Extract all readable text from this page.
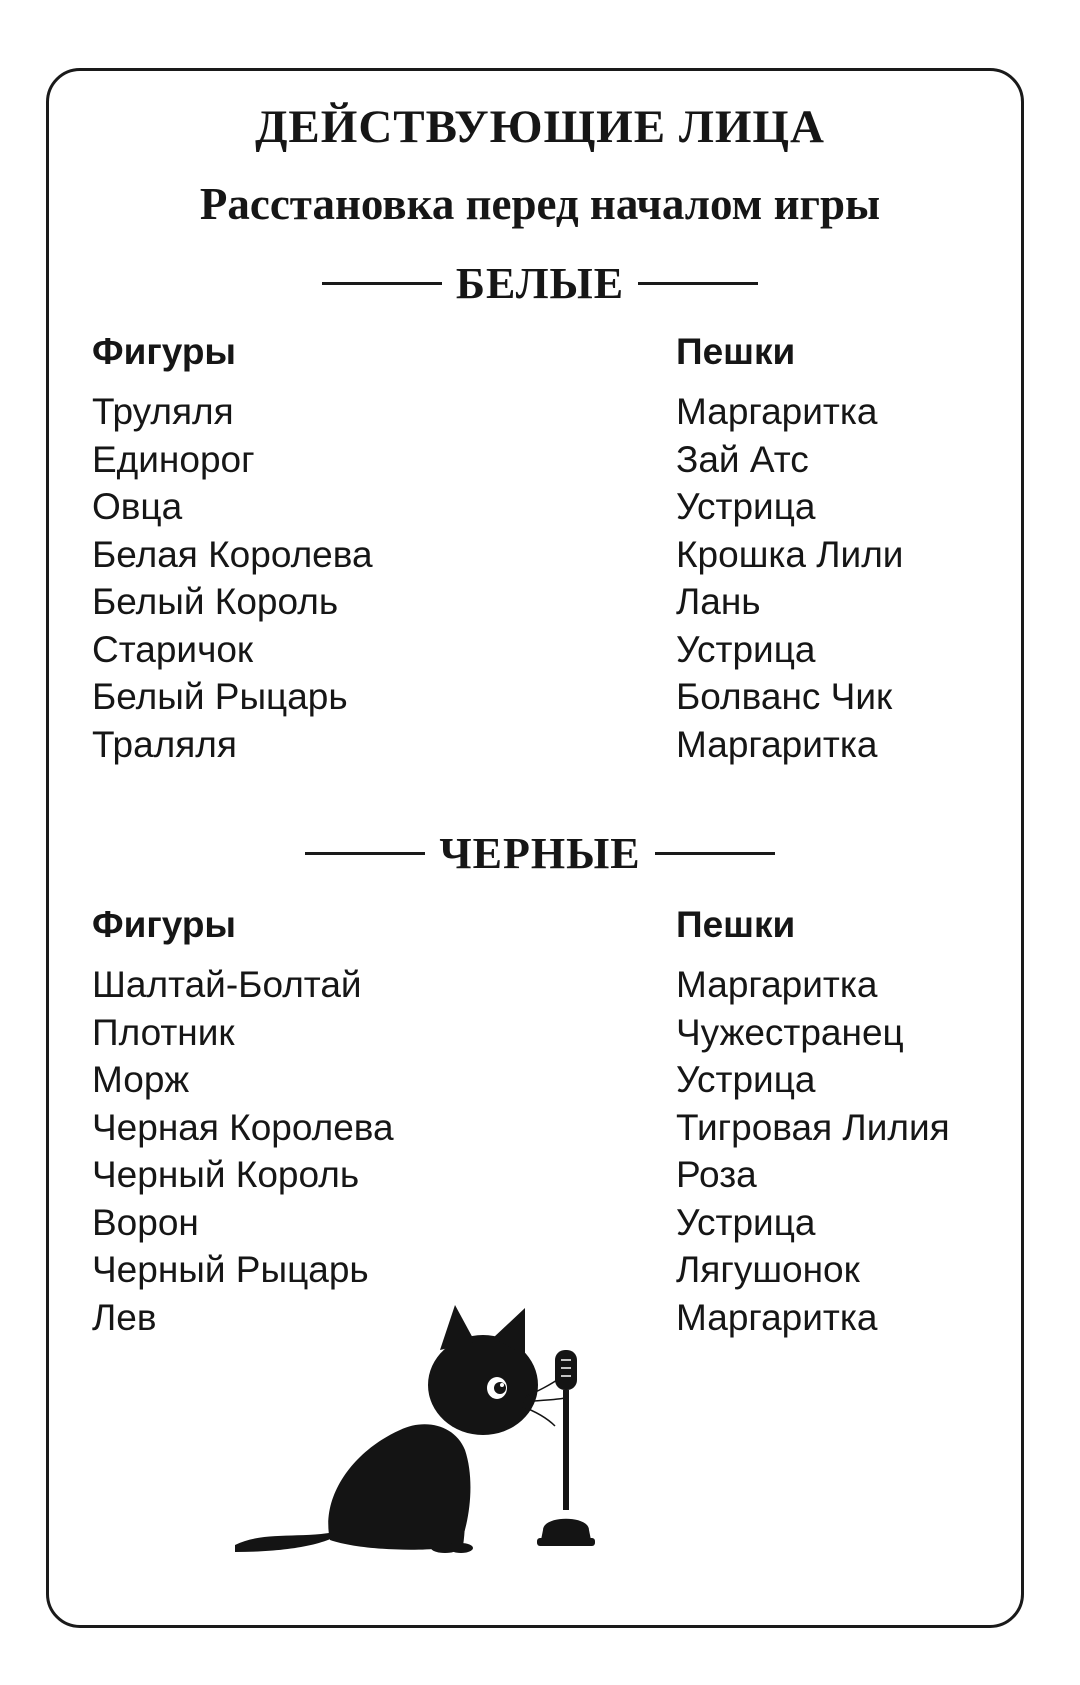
ДЕЙСТВУЮЩИЕ ЛИЦА
Расстановка перед началом игры
БЕЛЫЕ
Фигуры
Труляля
Единорог
Овца
Белая Королева
Белый Король
Старичок
Белый Рыцарь
Траляля
Пешки
Маргаритка
Зай Атс
Устрица
Крошка Лили
Лань
Устрица
Болванс Чик
Маргаритка
ЧЕРНЫЕ
Фигуры
Шалтай-Болтай
Плотник
Морж
Черная Королева
Черный Король
Ворон
Черный Рыцарь
Лев
Пешки
Маргаритка
Чужестранец
Устрица
Тигровая Лилия
Роза
Устрица
Лягушонок
Маргаритка
